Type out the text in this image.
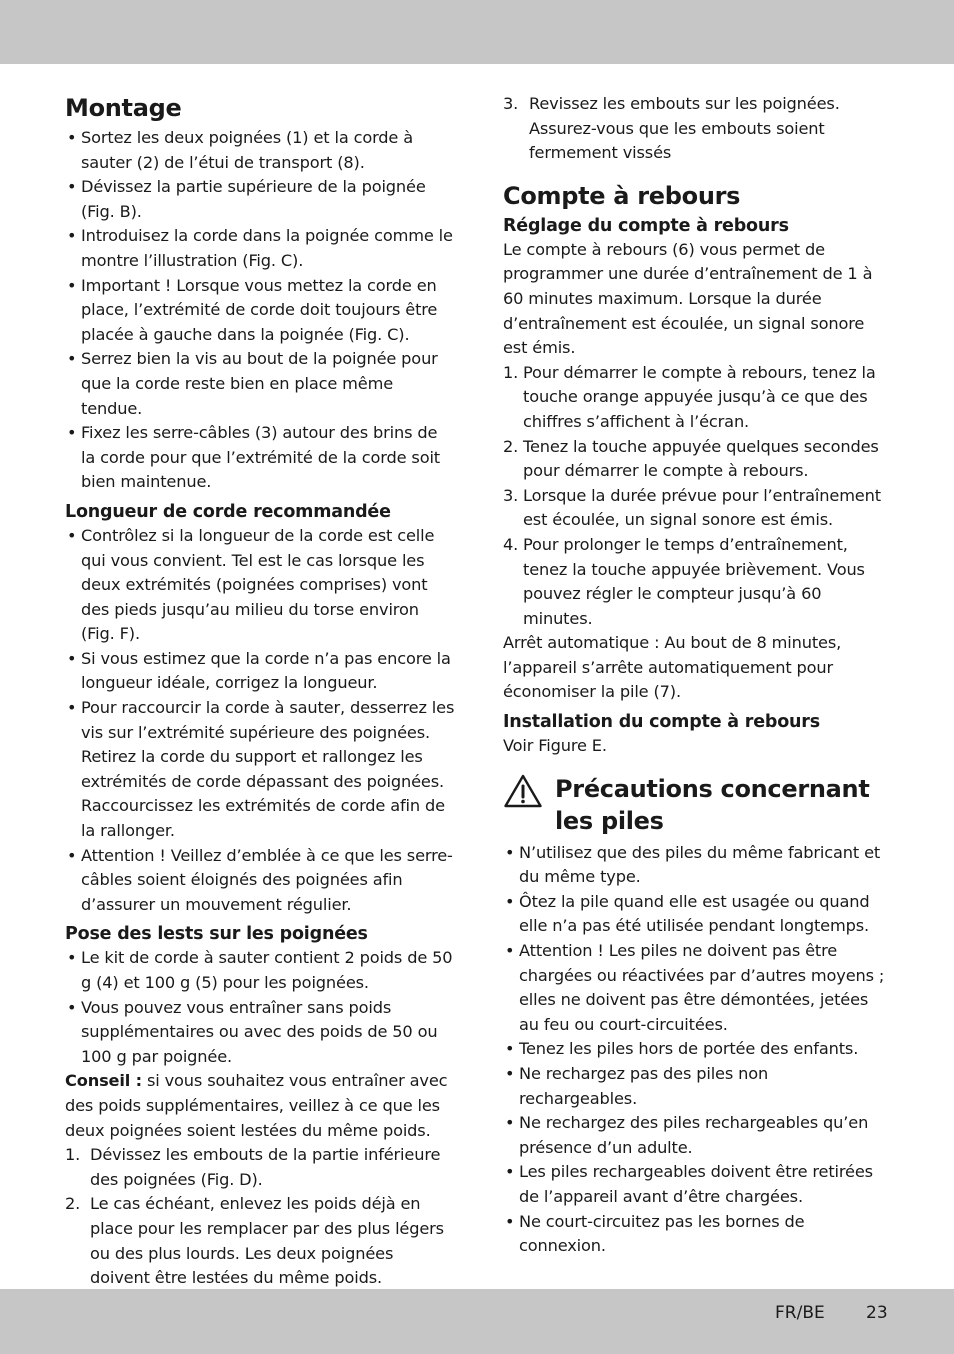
Montage
• Sortez les deux poignées (1) et la corde à sauter (2) de l’étui de transport (8).
• Dévissez la partie supérieure de la poignée (Fig. B).
• Introduisez la corde dans la poignée comme le montre l’illustration (Fig. C).
• Important ! Lorsque vous mettez la corde en place, l’extrémité de corde doit toujours être placée à gauche dans la poignée (Fig. C).
• Serrez bien la vis au bout de la poignée pour que la corde reste bien en place même tendue.
• Fixez les serre-câbles (3) autour des brins de la corde pour que l’extrémité de la corde soit bien maintenue.
Longueur de corde recommandée
• Contrôlez si la longueur de la corde est celle qui vous convient. Tel est le cas lorsque les deux extrémités (poignées comprises) vont des pieds jusqu’au milieu du torse environ (Fig. F).
• Si vous estimez que la corde n’a pas encore la longueur idéale, corrigez la longueur.
• Pour raccourcir la corde à sauter, desserrez les vis sur l’extrémité supérieure des poignées. Retirez la corde du support et rallongez les extrémités de corde dépassant des poignées. Raccourcissez les extrémités de corde afin de la rallonger.
• Attention ! Veillez d’emblée à ce que les serre-câbles soient éloignés des poignées afin d’assurer un mouvement régulier.
Pose des lests sur les poignées
• Le kit de corde à sauter contient 2 poids de 50 g (4) et 100 g (5) pour les poignées.
• Vous pouvez vous entraîner sans poids supplémentaires ou avec des poids de 50 ou 100 g par poignée.

Conseil : si vous souhaitez vous entraîner avec des poids supplémentaires, veillez à ce que les deux poignées soient lestées du même poids.

1. Dévissez les embouts de la partie inférieure des poignées (Fig. D).
2. Le cas échéant, enlevez les poids déjà en place pour les remplacer par des plus légers ou des plus lourds. Les deux poignées doivent être lestées du même poids.
3. Revissez les embouts sur les poignées. Assurez-vous que les embouts soient fermement vissés
Compte à rebours
Réglage du compte à rebours

Le compte à rebours (6) vous permet de programmer une durée d’entraînement de 1 à 60 minutes maximum. Lorsque la durée d’entraînement est écoulée, un signal sonore est émis.

1. Pour démarrer le compte à rebours, tenez la touche orange appuyée jusqu’à ce que des chiffres s’affichent à l’écran.
2. Tenez la touche appuyée quelques secondes pour démarrer le compte à rebours.
3. Lorsque la durée prévue pour l’entraînement est écoulée, un signal sonore est émis.
4. Pour prolonger le temps d’entraînement, tenez la touche appuyée brièvement. Vous pouvez régler le compteur jusqu’à 60 minutes.

Arrêt automatique : Au bout de 8 minutes, l’appareil s’arrête automatiquement pour économiser la pile (7).

Installation du compte à rebours

Voir Figure E.

Précautions concernant les piles
• N’utilisez que des piles du même fabricant et du même type.
• Ôtez la pile quand elle est usagée ou quand elle n’a pas été utilisée pendant longtemps.
• Attention ! Les piles ne doivent pas être chargées ou réactivées par d’autres moyens ; elles ne doivent pas être démontées, jetées au feu ou court-circuitées.
• Tenez les piles hors de portée des enfants.
• Ne rechargez pas des piles non rechargeables.
• Ne rechargez des piles rechargeables qu’en présence d’un adulte.
• Les piles rechargeables doivent être retirées de l’appareil avant d’être chargées.
• Ne court-circuitez pas les bornes de connexion.
FR/BE 23
